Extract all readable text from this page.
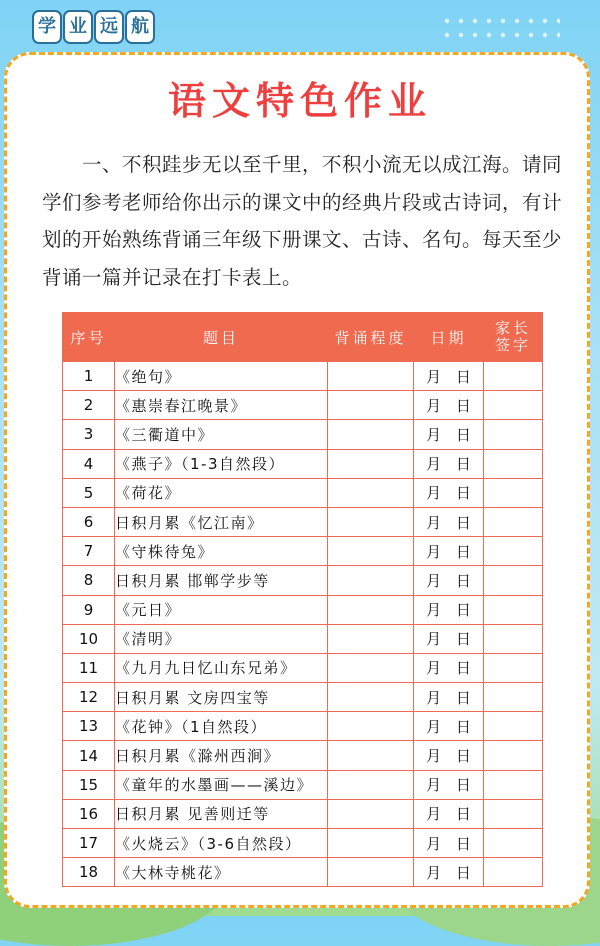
学 业 远 航
语文特色作业
一、不积跬步无以至千里，不积小流无以成江海。请同学们参考老师给你出示的课文中的经典片段或古诗词，有计划的开始熟练背诵三年级下册课文、古诗、名句。每天至少背诵一篇并记录在打卡表上。
序号	题目	背诵程度	日期	家长
签字
1	《绝句》		月 日	
2	《惠崇春江晚景》		月 日	
3	《三衢道中》		月 日	
4	《燕子》（1-3自然段）		月 日	
5	《荷花》		月 日	
6	日积月累《忆江南》		月 日	
7	《守株待兔》		月 日	
8	日积月累 邯郸学步等		月 日	
9	《元日》		月 日	
10	《清明》		月 日	
11	《九月九日忆山东兄弟》		月 日	
12	日积月累 文房四宝等		月 日	
13	《花钟》（1自然段）		月 日	
14	日积月累《滁州西涧》		月 日	
15	《童年的水墨画——溪边》		月 日	
16	日积月累 见善则迁等		月 日	
17	《火烧云》（3-6自然段）		月 日	
18	《大林寺桃花》		月 日	
